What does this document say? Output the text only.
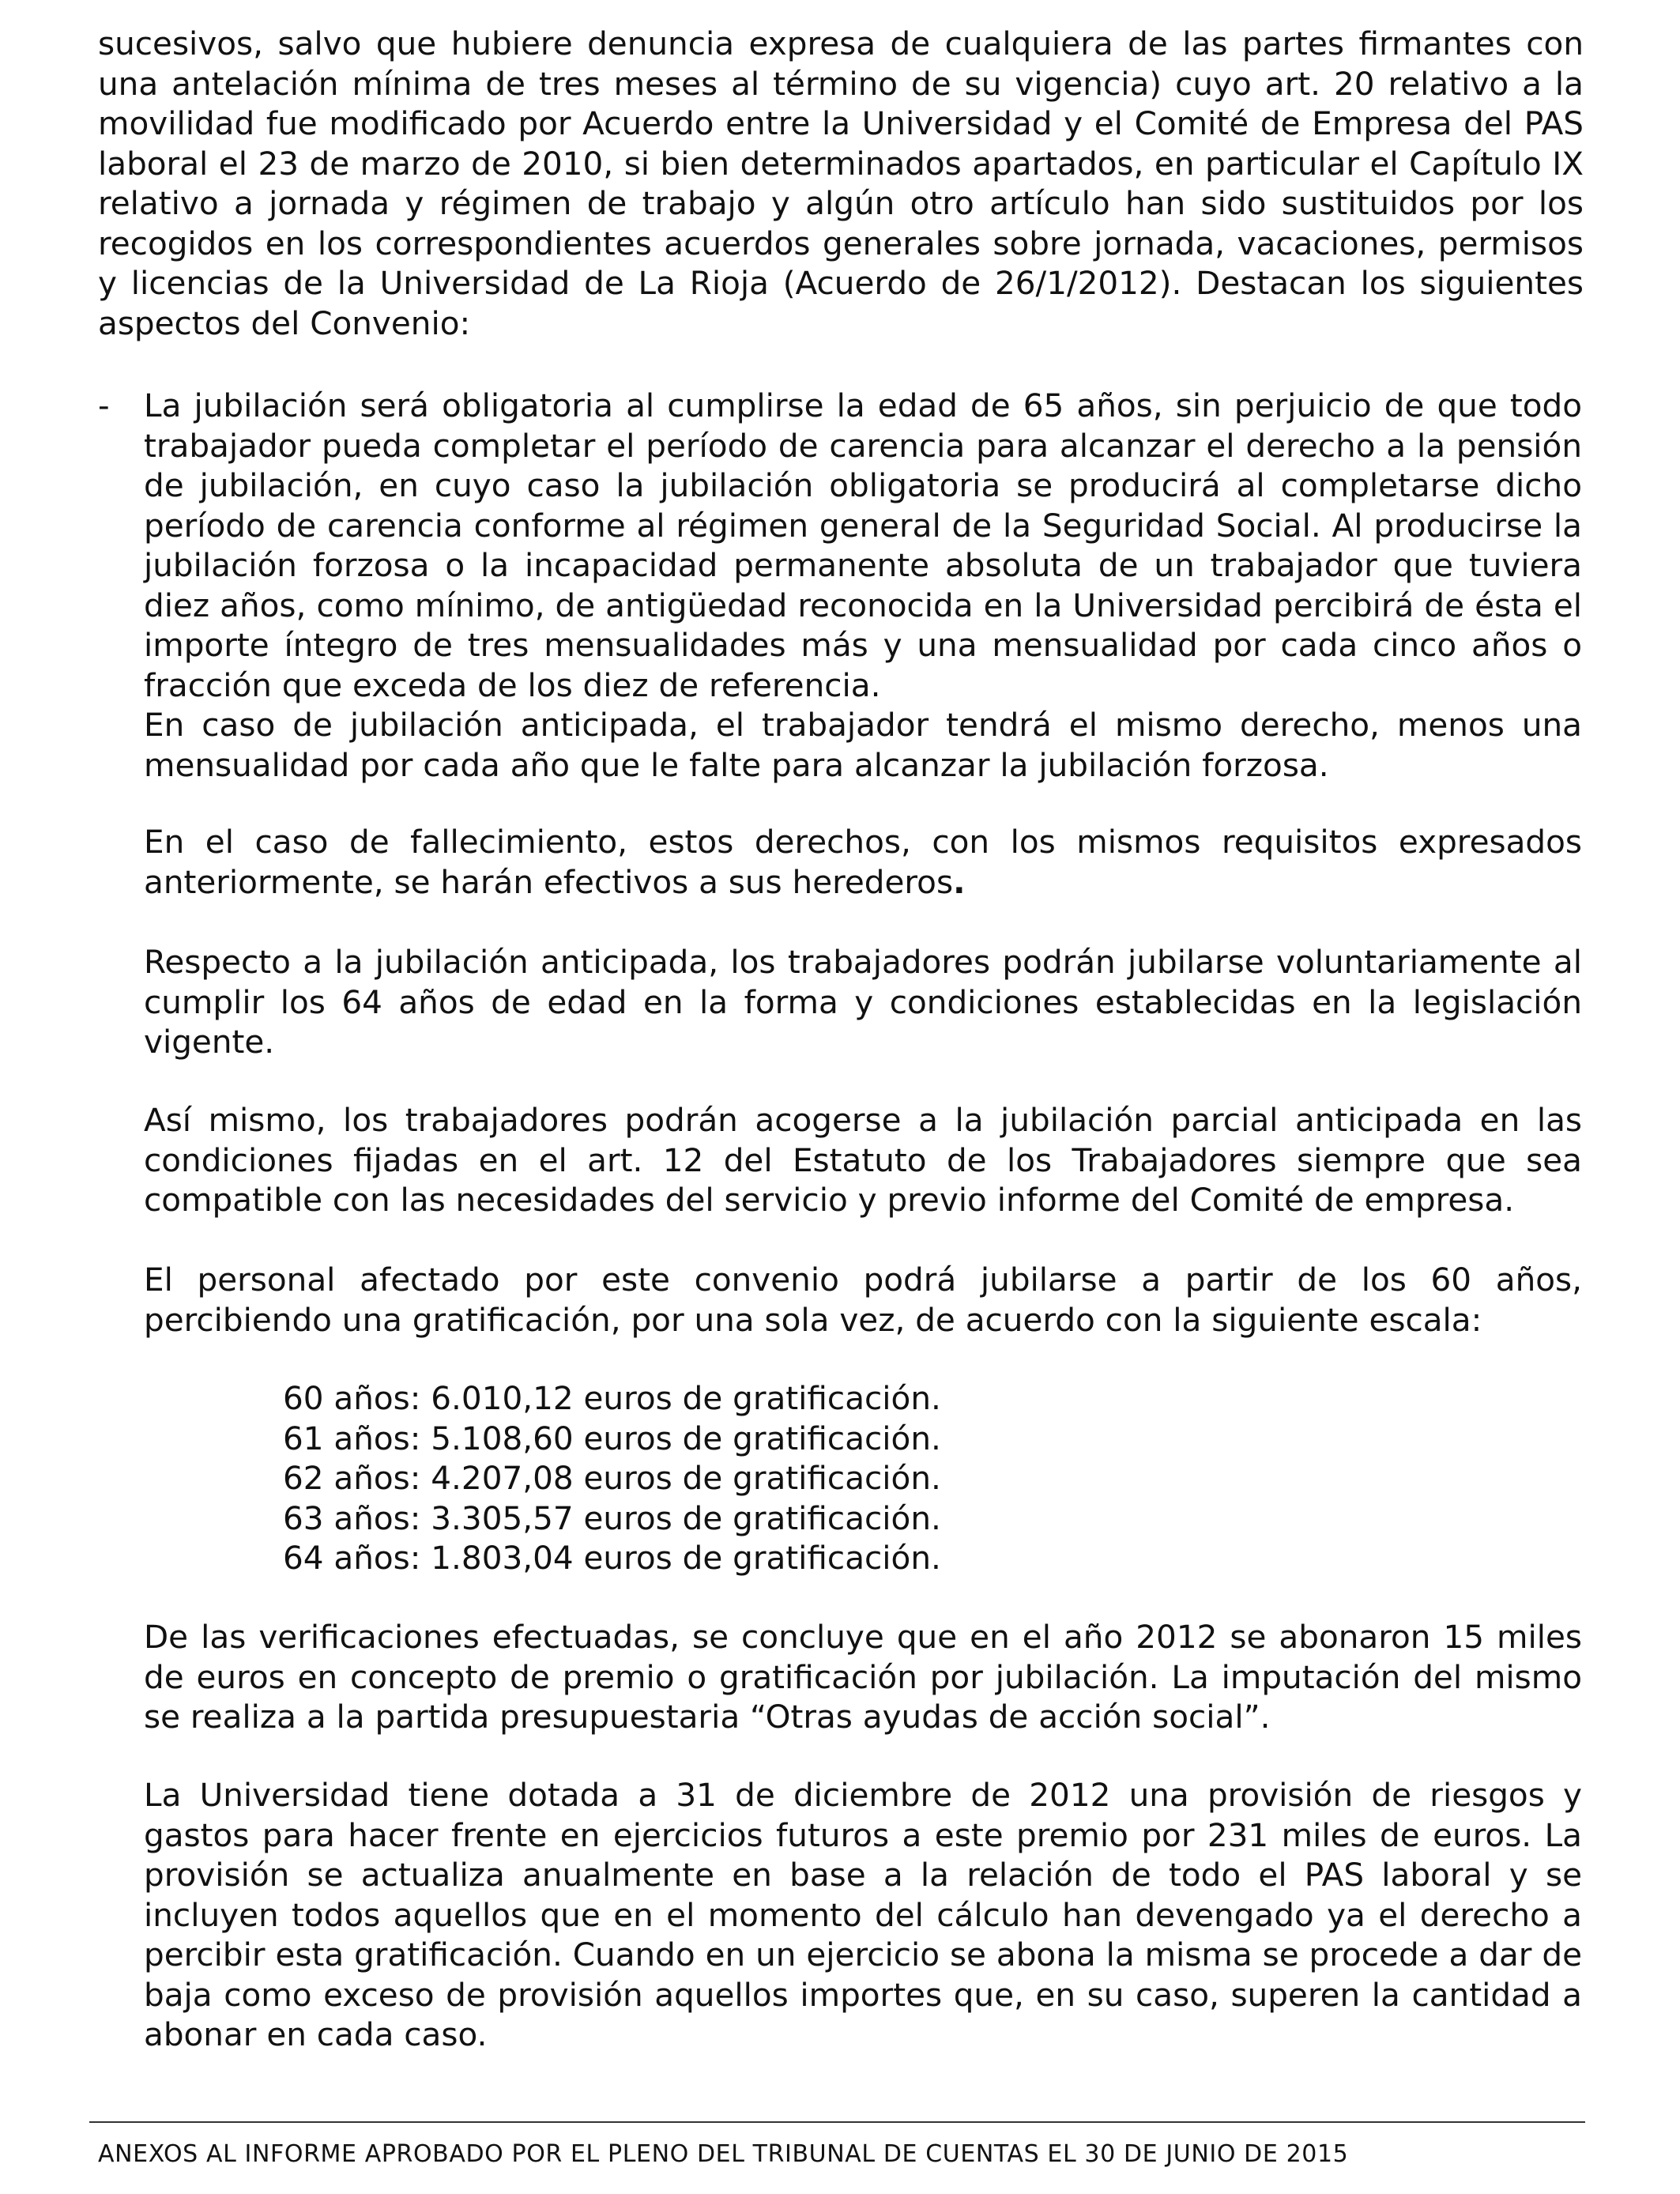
sucesivos, salvo que hubiere denuncia expresa de cualquiera de las partes firmantes con una antelación mínima de tres meses al término de su vigencia) cuyo art. 20 relativo a la movilidad fue modificado por Acuerdo entre la Universidad y el Comité de Empresa del PAS laboral el 23 de marzo de 2010, si bien determinados apartados, en particular el Capítulo IX relativo a jornada y régimen de trabajo y algún otro artículo han sido sustituidos por los recogidos en los correspondientes acuerdos generales sobre jornada, vacaciones, permisos y licencias de la Universidad de La Rioja (Acuerdo de 26/1/2012). Destacan los siguientes aspectos del Convenio:

- La jubilación será obligatoria al cumplirse la edad de 65 años, sin perjuicio de que todo trabajador pueda completar el período de carencia para alcanzar el derecho a la pensión de jubilación, en cuyo caso la jubilación obligatoria se producirá al completarse dicho período de carencia conforme al régimen general de la Seguridad Social. Al producirse la jubilación forzosa o la incapacidad permanente absoluta de un trabajador que tuviera diez años, como mínimo, de antigüedad reconocida en la Universidad percibirá de ésta el importe íntegro de tres mensualidades más y una mensualidad por cada cinco años o fracción que exceda de los diez de referencia.

En caso de jubilación anticipada, el trabajador tendrá el mismo derecho, menos una mensualidad por cada año que le falte para alcanzar la jubilación forzosa.

En el caso de fallecimiento, estos derechos, con los mismos requisitos expresados anteriormente, se harán efectivos a sus herederos.

Respecto a la jubilación anticipada, los trabajadores podrán jubilarse voluntariamente al cumplir los 64 años de edad en la forma y condiciones establecidas en la legislación vigente.

Así mismo, los trabajadores podrán acogerse a la jubilación parcial anticipada en las condiciones fijadas en el art. 12 del Estatuto de los Trabajadores siempre que sea compatible con las necesidades del servicio y previo informe del Comité de empresa.

El personal afectado por este convenio podrá jubilarse a partir de los 60 años, percibiendo una gratificación, por una sola vez, de acuerdo con la siguiente escala:

60 años: 6.010,12 euros de gratificación.
61 años: 5.108,60 euros de gratificación.
62 años: 4.207,08 euros de gratificación.
63 años: 3.305,57 euros de gratificación.
64 años: 1.803,04 euros de gratificación.

De las verificaciones efectuadas, se concluye que en el año 2012 se abonaron 15 miles de euros en concepto de premio o gratificación por jubilación. La imputación del mismo se realiza a la partida presupuestaria “Otras ayudas de acción social”.

La Universidad tiene dotada a 31 de diciembre de 2012 una provisión de riesgos y gastos para hacer frente en ejercicios futuros a este premio por 231 miles de euros. La provisión se actualiza anualmente en base a la relación de todo el PAS laboral y se incluyen todos aquellos que en el momento del cálculo han devengado ya el derecho a percibir esta gratificación. Cuando en un ejercicio se abona la misma se procede a dar de baja como exceso de provisión aquellos importes que, en su caso, superen la cantidad a abonar en cada caso.

ANEXOS AL INFORME APROBADO POR EL PLENO DEL TRIBUNAL DE CUENTAS EL 30 DE JUNIO DE 2015
